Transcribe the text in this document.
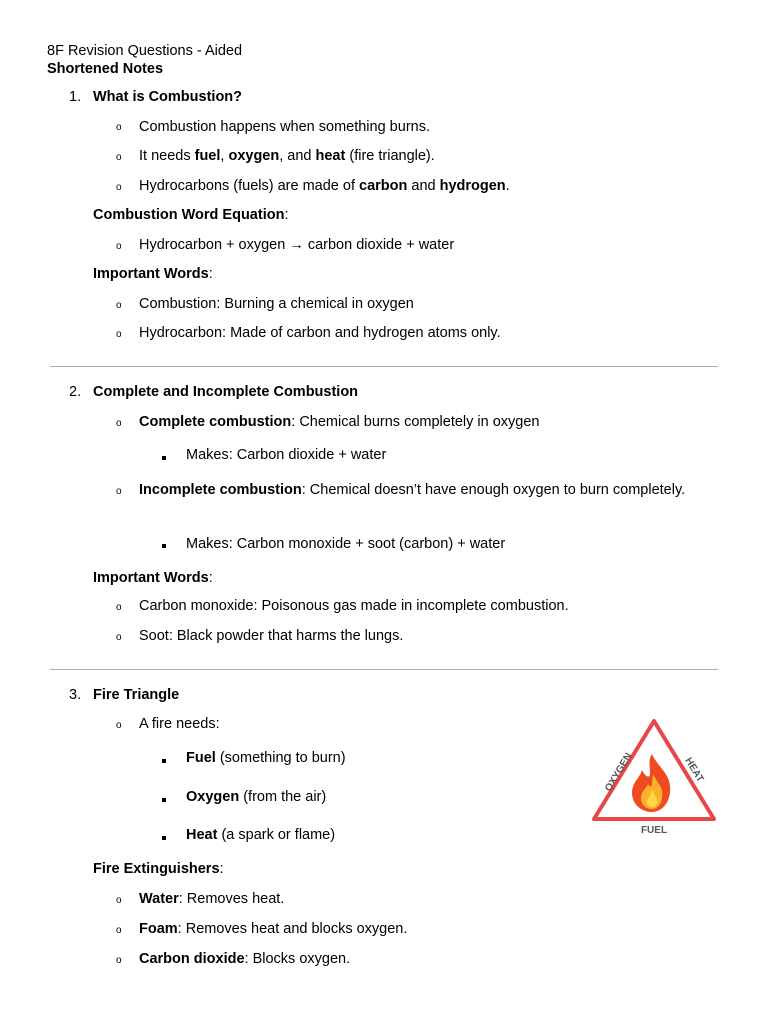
8F Revision Questions - Aided
Shortened Notes
1. What is Combustion?
o Combustion happens when something burns.
o It needs fuel, oxygen, and heat (fire triangle).
o Hydrocarbons (fuels) are made of carbon and hydrogen.
Combustion Word Equation:
o Hydrocarbon + oxygen → carbon dioxide + water
Important Words:
o Combustion: Burning a chemical in oxygen
o Hydrocarbon: Made of carbon and hydrogen atoms only.
2. Complete and Incomplete Combustion
o Complete combustion: Chemical burns completely in oxygen
Makes: Carbon dioxide + water
o Incomplete combustion: Chemical doesn’t have enough oxygen to burn completely.
Makes: Carbon monoxide + soot (carbon) + water
Important Words:
o Carbon monoxide: Poisonous gas made in incomplete combustion.
o Soot: Black powder that harms the lungs.
3. Fire Triangle
o A fire needs:
Fuel (something to burn)
Oxygen (from the air)
Heat (a spark or flame)
Fire Extinguishers:
o Water: Removes heat.
o Foam: Removes heat and blocks oxygen.
o Carbon dioxide: Blocks oxygen.
OXYGEN	HEAT
FUEL
